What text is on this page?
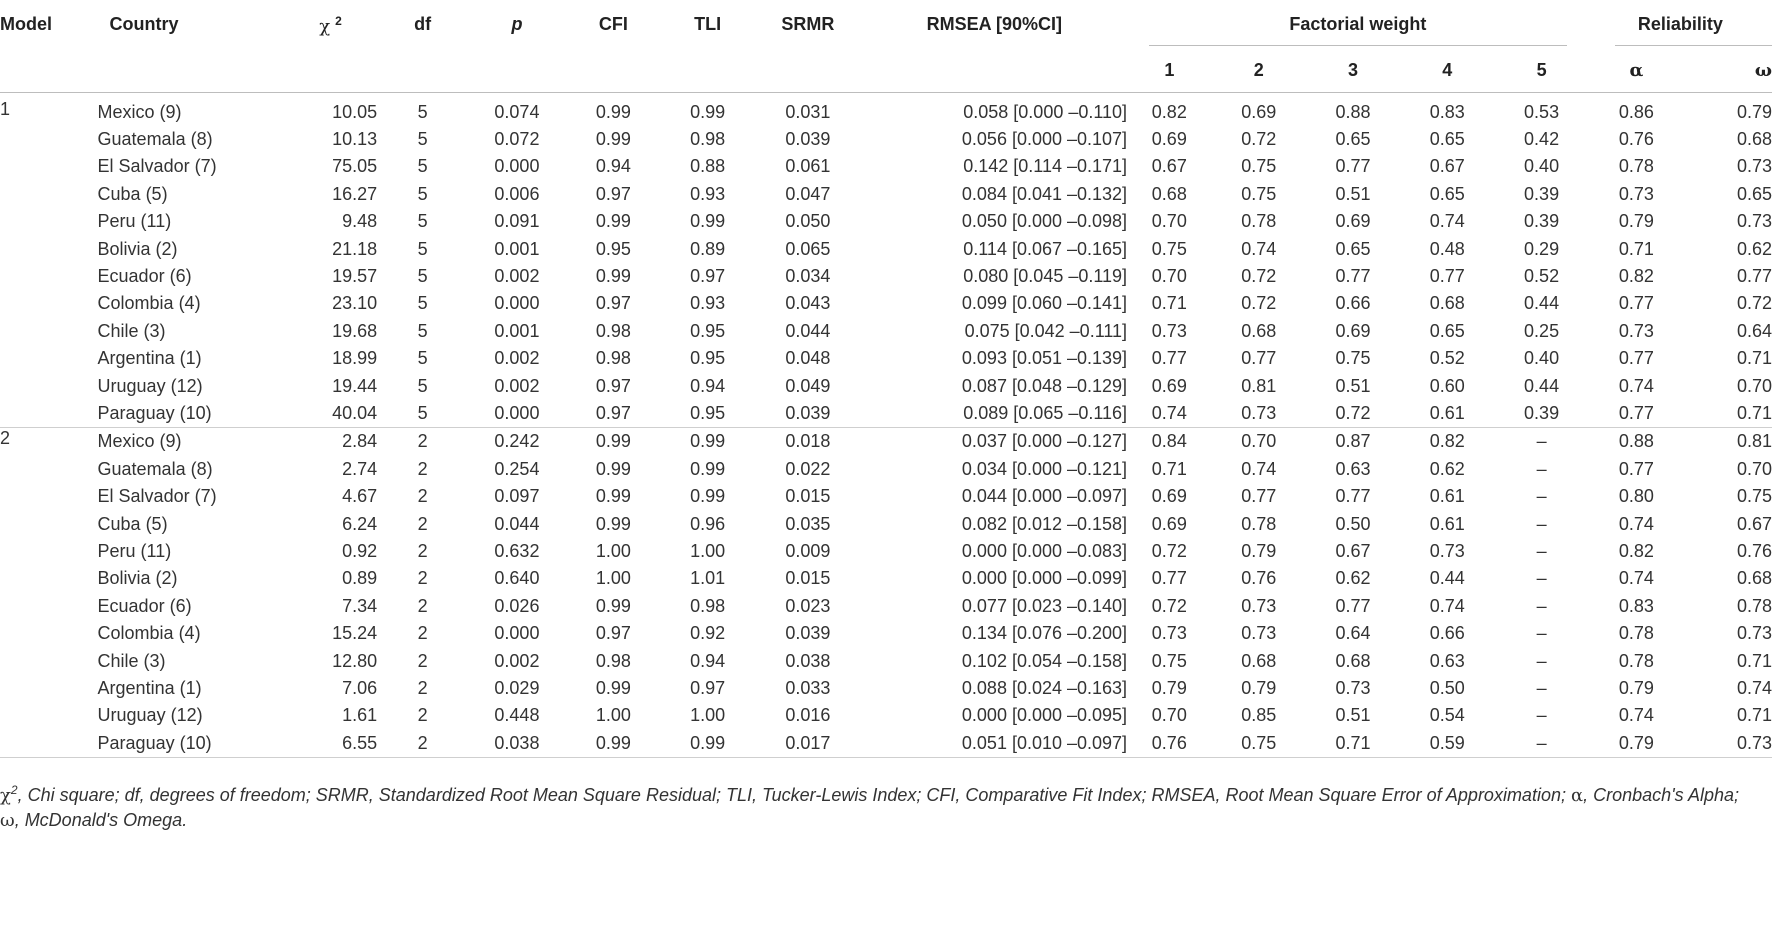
Model	Country	χ $^2$	df	p	CFI	TLI	SRMR	RMSEA [90%CI]	Factorial weight					Reliability	

									1	2	3	4	5	α	ω
1	Mexico (9)	10.05	5	0.074	0.99	0.99	0.031	0.058 [0.000 –0.110]	0.82	0.69	0.88	0.83	0.53	0.86	0.79
	Guatemala (8)	10.13	5	0.072	0.99	0.98	0.039	0.056 [0.000 –0.107]	0.69	0.72	0.65	0.65	0.42	0.76	0.68
	El Salvador (7)	75.05	5	0.000	0.94	0.88	0.061	0.142 [0.114 –0.171]	0.67	0.75	0.77	0.67	0.40	0.78	0.73
	Cuba (5)	16.27	5	0.006	0.97	0.93	0.047	0.084 [0.041 –0.132]	0.68	0.75	0.51	0.65	0.39	0.73	0.65
	Peru (11)	9.48	5	0.091	0.99	0.99	0.050	0.050 [0.000 –0.098]	0.70	0.78	0.69	0.74	0.39	0.79	0.73
	Bolivia (2)	21.18	5	0.001	0.95	0.89	0.065	0.114 [0.067 –0.165]	0.75	0.74	0.65	0.48	0.29	0.71	0.62
	Ecuador (6)	19.57	5	0.002	0.99	0.97	0.034	0.080 [0.045 –0.119]	0.70	0.72	0.77	0.77	0.52	0.82	0.77
	Colombia (4)	23.10	5	0.000	0.97	0.93	0.043	0.099 [0.060 –0.141]	0.71	0.72	0.66	0.68	0.44	0.77	0.72
	Chile (3)	19.68	5	0.001	0.98	0.95	0.044	0.075 [0.042 –0.111]	0.73	0.68	0.69	0.65	0.25	0.73	0.64
	Argentina (1)	18.99	5	0.002	0.98	0.95	0.048	0.093 [0.051 –0.139]	0.77	0.77	0.75	0.52	0.40	0.77	0.71
	Uruguay (12)	19.44	5	0.002	0.97	0.94	0.049	0.087 [0.048 –0.129]	0.69	0.81	0.51	0.60	0.44	0.74	0.70
	Paraguay (10)	40.04	5	0.000	0.97	0.95	0.039	0.089 [0.065 –0.116]	0.74	0.73	0.72	0.61	0.39	0.77	0.71
2	Mexico (9)	2.84	2	0.242	0.99	0.99	0.018	0.037 [0.000 –0.127]	0.84	0.70	0.87	0.82	–	0.88	0.81
	Guatemala (8)	2.74	2	0.254	0.99	0.99	0.022	0.034 [0.000 –0.121]	0.71	0.74	0.63	0.62	–	0.77	0.70
	El Salvador (7)	4.67	2	0.097	0.99	0.99	0.015	0.044 [0.000 –0.097]	0.69	0.77	0.77	0.61	–	0.80	0.75
	Cuba (5)	6.24	2	0.044	0.99	0.96	0.035	0.082 [0.012 –0.158]	0.69	0.78	0.50	0.61	–	0.74	0.67
	Peru (11)	0.92	2	0.632	1.00	1.00	0.009	0.000 [0.000 –0.083]	0.72	0.79	0.67	0.73	–	0.82	0.76
	Bolivia (2)	0.89	2	0.640	1.00	1.01	0.015	0.000 [0.000 –0.099]	0.77	0.76	0.62	0.44	–	0.74	0.68
	Ecuador (6)	7.34	2	0.026	0.99	0.98	0.023	0.077 [0.023 –0.140]	0.72	0.73	0.77	0.74	–	0.83	0.78
	Colombia (4)	15.24	2	0.000	0.97	0.92	0.039	0.134 [0.076 –0.200]	0.73	0.73	0.64	0.66	–	0.78	0.73
	Chile (3)	12.80	2	0.002	0.98	0.94	0.038	0.102 [0.054 –0.158]	0.75	0.68	0.68	0.63	–	0.78	0.71
	Argentina (1)	7.06	2	0.029	0.99	0.97	0.033	0.088 [0.024 –0.163]	0.79	0.79	0.73	0.50	–	0.79	0.74
	Uruguay (12)	1.61	2	0.448	1.00	1.00	0.016	0.000 [0.000 –0.095]	0.70	0.85	0.51	0.54	–	0.74	0.71
	Paraguay (10)	6.55	2	0.038	0.99	0.99	0.017	0.051 [0.010 –0.097]	0.76	0.75	0.71	0.59	–	0.79	0.73
$\chi^2$, Chi square; df, degrees of freedom; SRMR, Standardized Root Mean Square Residual; TLI, Tucker-Lewis Index; CFI, Comparative Fit Index; RMSEA, Root Mean Square Error of Approximation; α, Cronbach's Alpha;
ω, McDonald's Omega.
